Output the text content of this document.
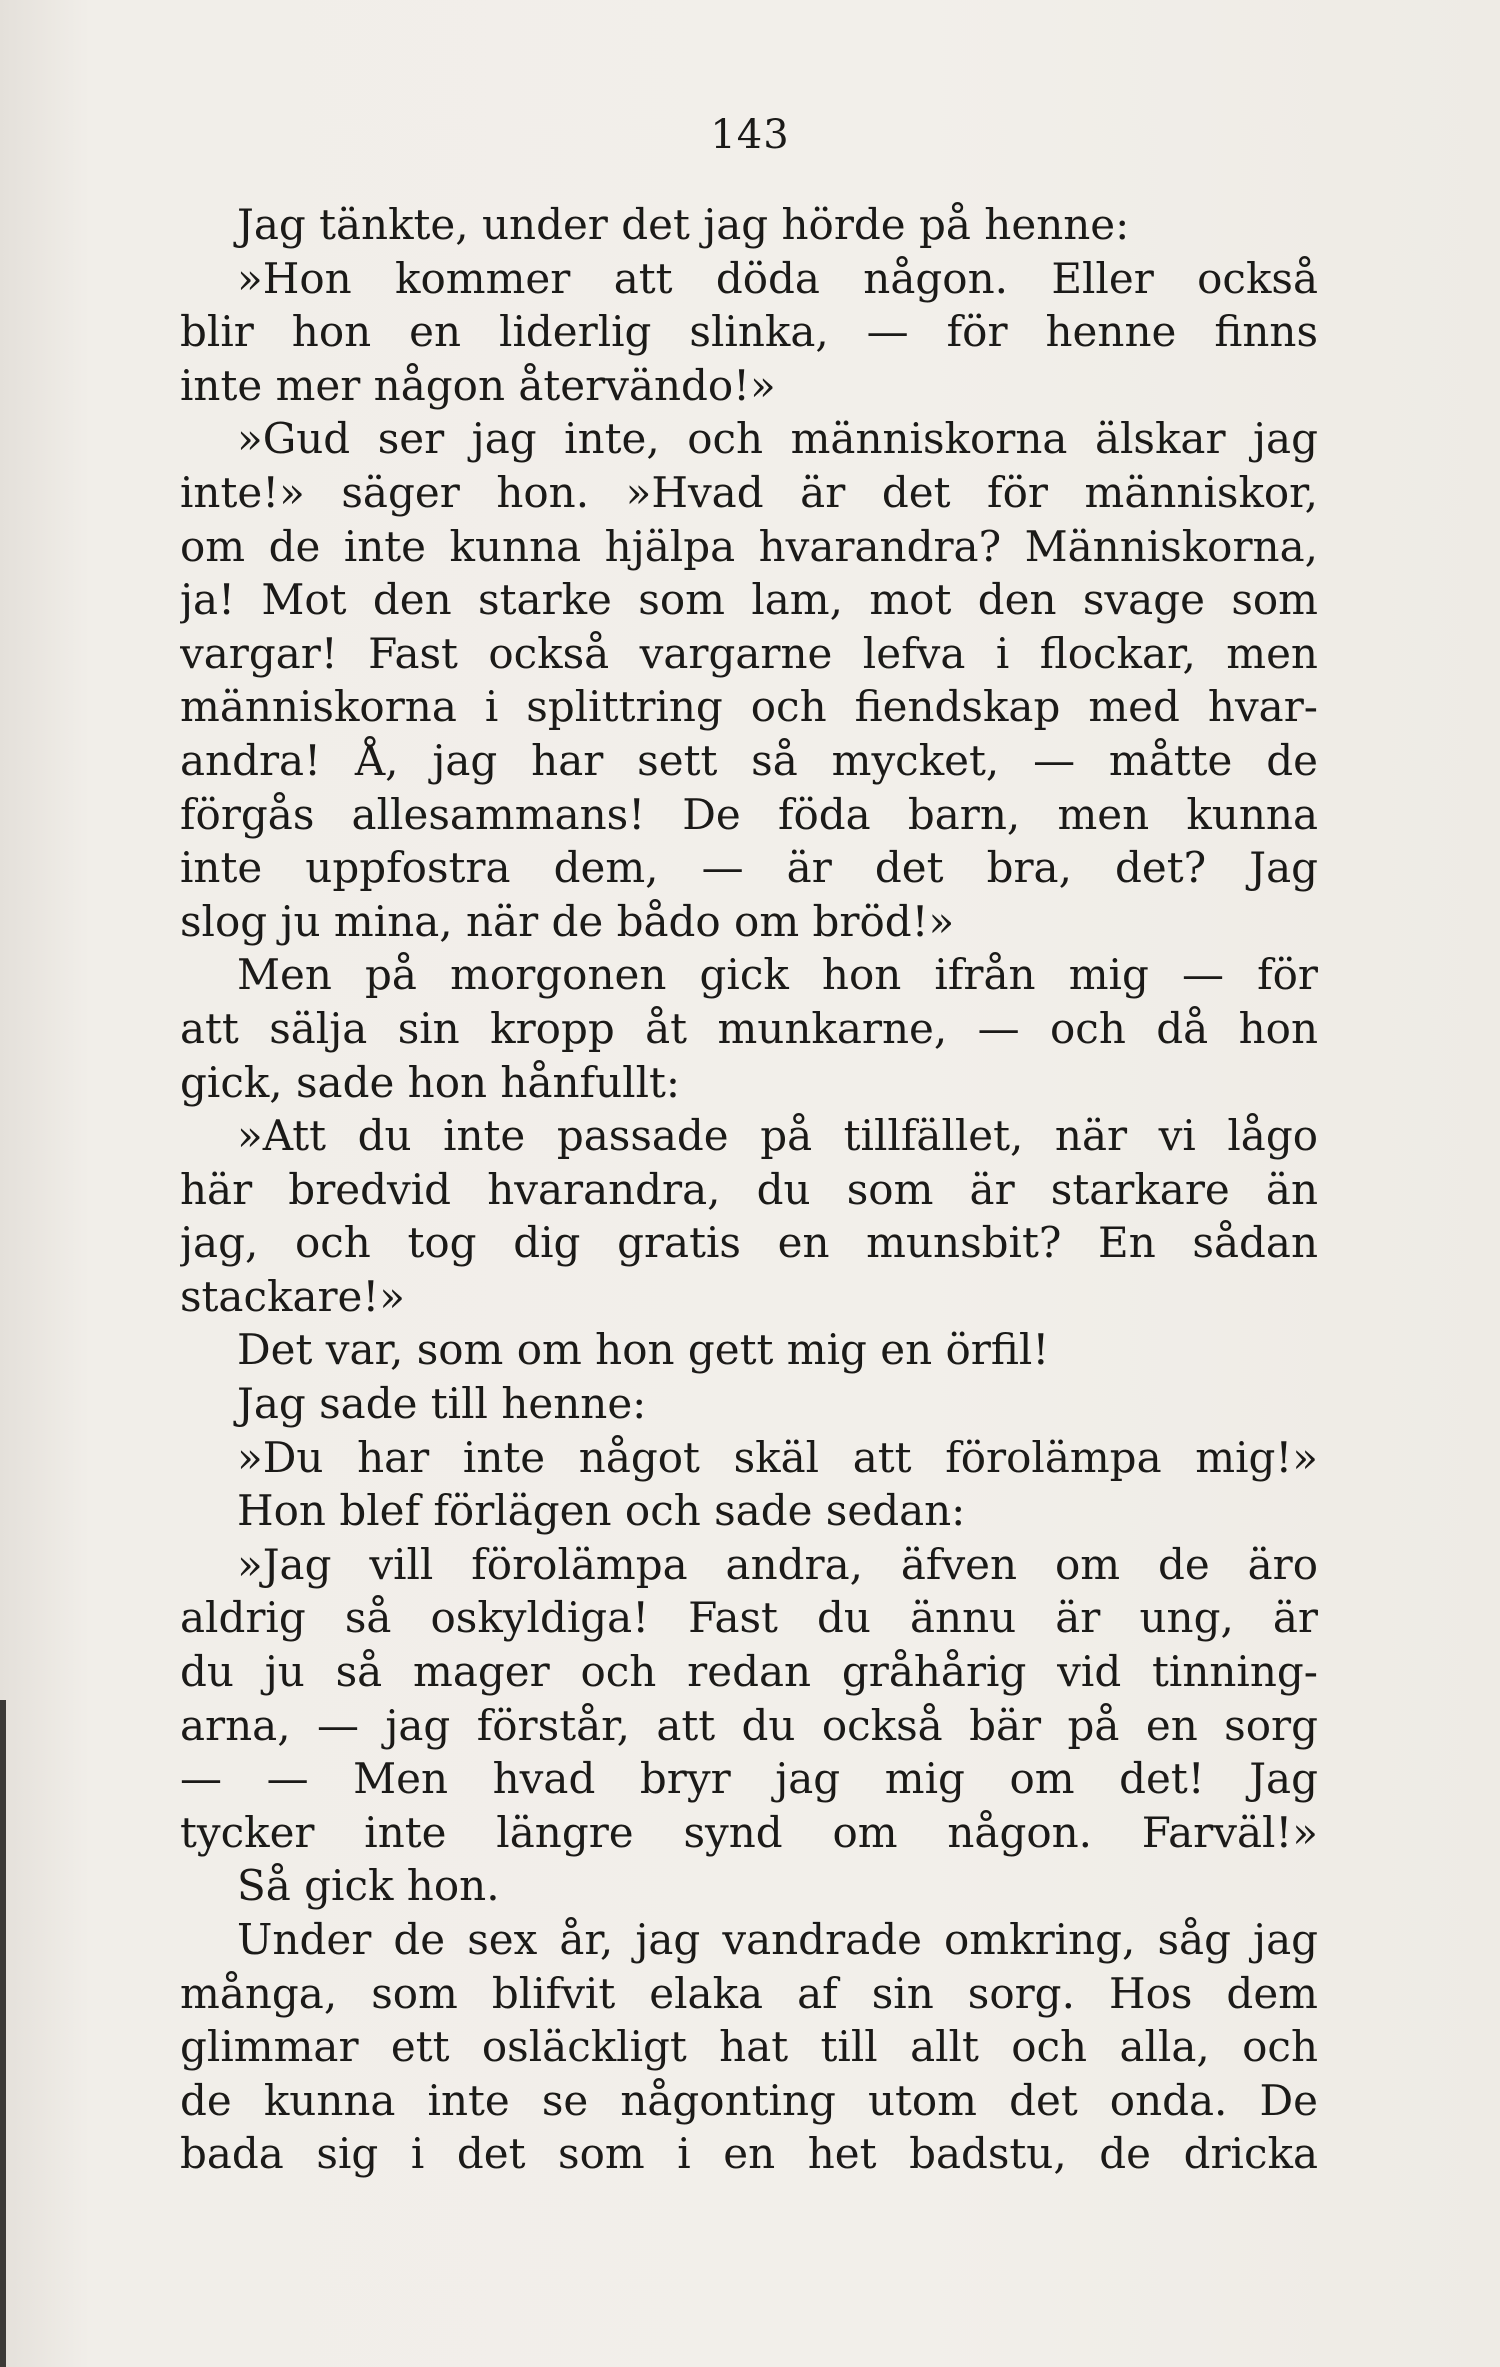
143
Jag tänkte, under det jag hörde på henne:
»Hon kommer att döda någon. Eller också
blir hon en liderlig slinka, — för henne finns
inte mer någon återvändo!»
»Gud ser jag inte, och människorna älskar jag
inte!» säger hon. »Hvad är det för människor,
om de inte kunna hjälpa hvarandra? Människorna,
ja! Mot den starke som lam, mot den svage som
vargar! Fast också vargarne lefva i flockar, men
människorna i splittring och fiendskap med hvar-
andra! Å, jag har sett så mycket, — måtte de
förgås allesammans! De föda barn, men kunna
inte uppfostra dem, — är det bra, det? Jag
slog ju mina, när de bådo om bröd!»
Men på morgonen gick hon ifrån mig — för
att sälja sin kropp åt munkarne, — och då hon
gick, sade hon hånfullt:
»Att du inte passade på tillfället, när vi lågo
här bredvid hvarandra, du som är starkare än
jag, och tog dig gratis en munsbit? En sådan
stackare!»
Det var, som om hon gett mig en örfil!
Jag sade till henne:
»Du har inte något skäl att förolämpa mig!»
Hon blef förlägen och sade sedan:
»Jag vill förolämpa andra, äfven om de äro
aldrig så oskyldiga! Fast du ännu är ung, är
du ju så mager och redan gråhårig vid tinning-
arna, — jag förstår, att du också bär på en sorg
— — Men hvad bryr jag mig om det! Jag
tycker inte längre synd om någon. Farväl!»
Så gick hon.
Under de sex år, jag vandrade omkring, såg jag
många, som blifvit elaka af sin sorg. Hos dem
glimmar ett osläckligt hat till allt och alla, och
de kunna inte se någonting utom det onda. De
bada sig i det som i en het badstu, de dricka
